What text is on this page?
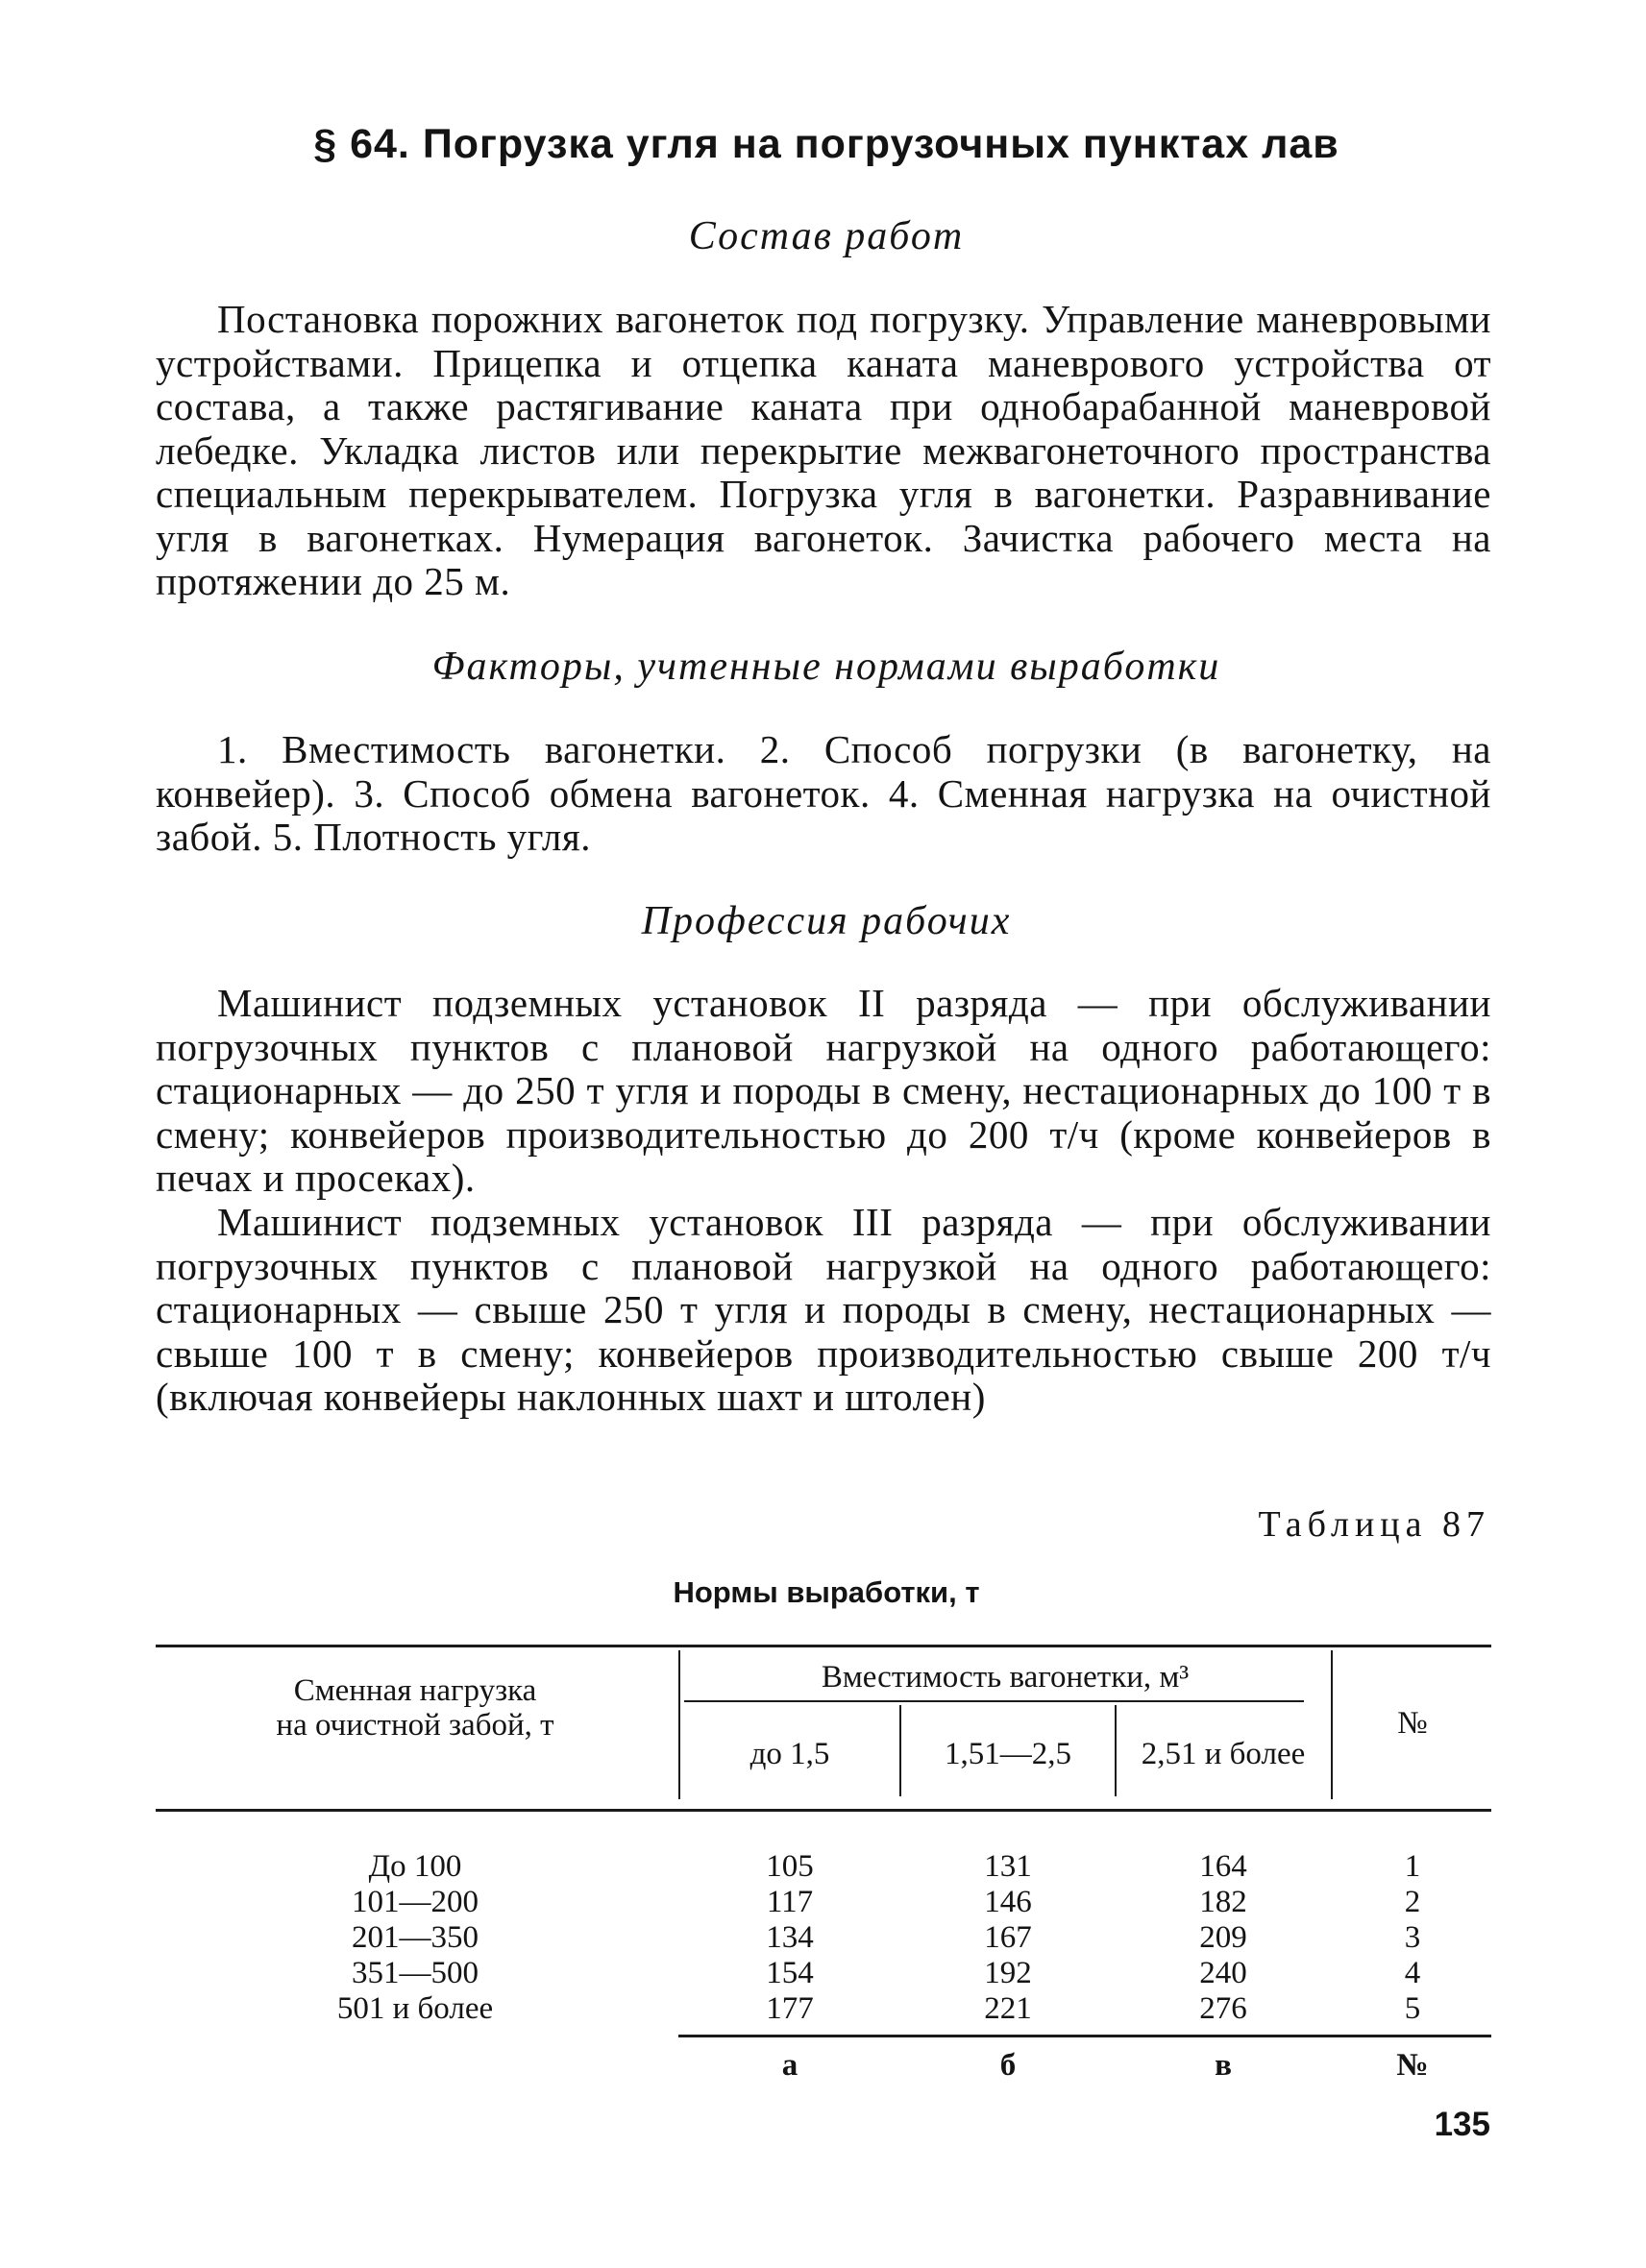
§ 64. Погрузка угля на погрузочных пунктах лав
Состав работ
Постановка порожних вагонеток под погрузку. Управление маневровыми устройствами. Прицепка и отцепка каната маневрового устройства от состава, а также растягивание каната при однобарабанной маневровой лебедке. Укладка листов или перекрытие межвагонеточного пространства специальным перекрывателем. Погрузка угля в вагонетки. Разравнивание угля в вагонетках. Нумерация вагонеток. Зачистка рабочего места на протяжении до 25 м.
Факторы, учтенные нормами выработки
1. Вместимость вагонетки. 2. Способ погрузки (в вагонетку, на конвейер). 3. Способ обмена вагонеток. 4. Сменная нагрузка на очистной забой. 5. Плотность угля.
Профессия рабочих
Машинист подземных установок II разряда — при обслуживании погрузочных пунктов с плановой нагрузкой на одного работающего: стационарных — до 250 т угля и породы в смену, нестационарных до 100 т в смену; конвейеров производительностью до 200 т/ч (кроме конвейеров в печах и просеках).
Машинист подземных установок III разряда — при обслуживании погрузочных пунктов с плановой нагрузкой на одного работающего: стационарных — свыше 250 т угля и породы в смену, нестационарных — свыше 100 т в смену; конвейеров производительностью свыше 200 т/ч (включая конвейеры наклонных шахт и штолен)
Таблица 87
Нормы выработки, т
Сменная нагрузка
на очистной забой, т
Вместимость вагонетки, м³
до 1,5	1,51—2,5	2,51 и более
№
До 100	105	131	164	1
101—200	117	146	182	2
201—350	134	167	209	3
351—500	154	192	240	4
501 и более	177	221	276	5
а	б	в	№
135
